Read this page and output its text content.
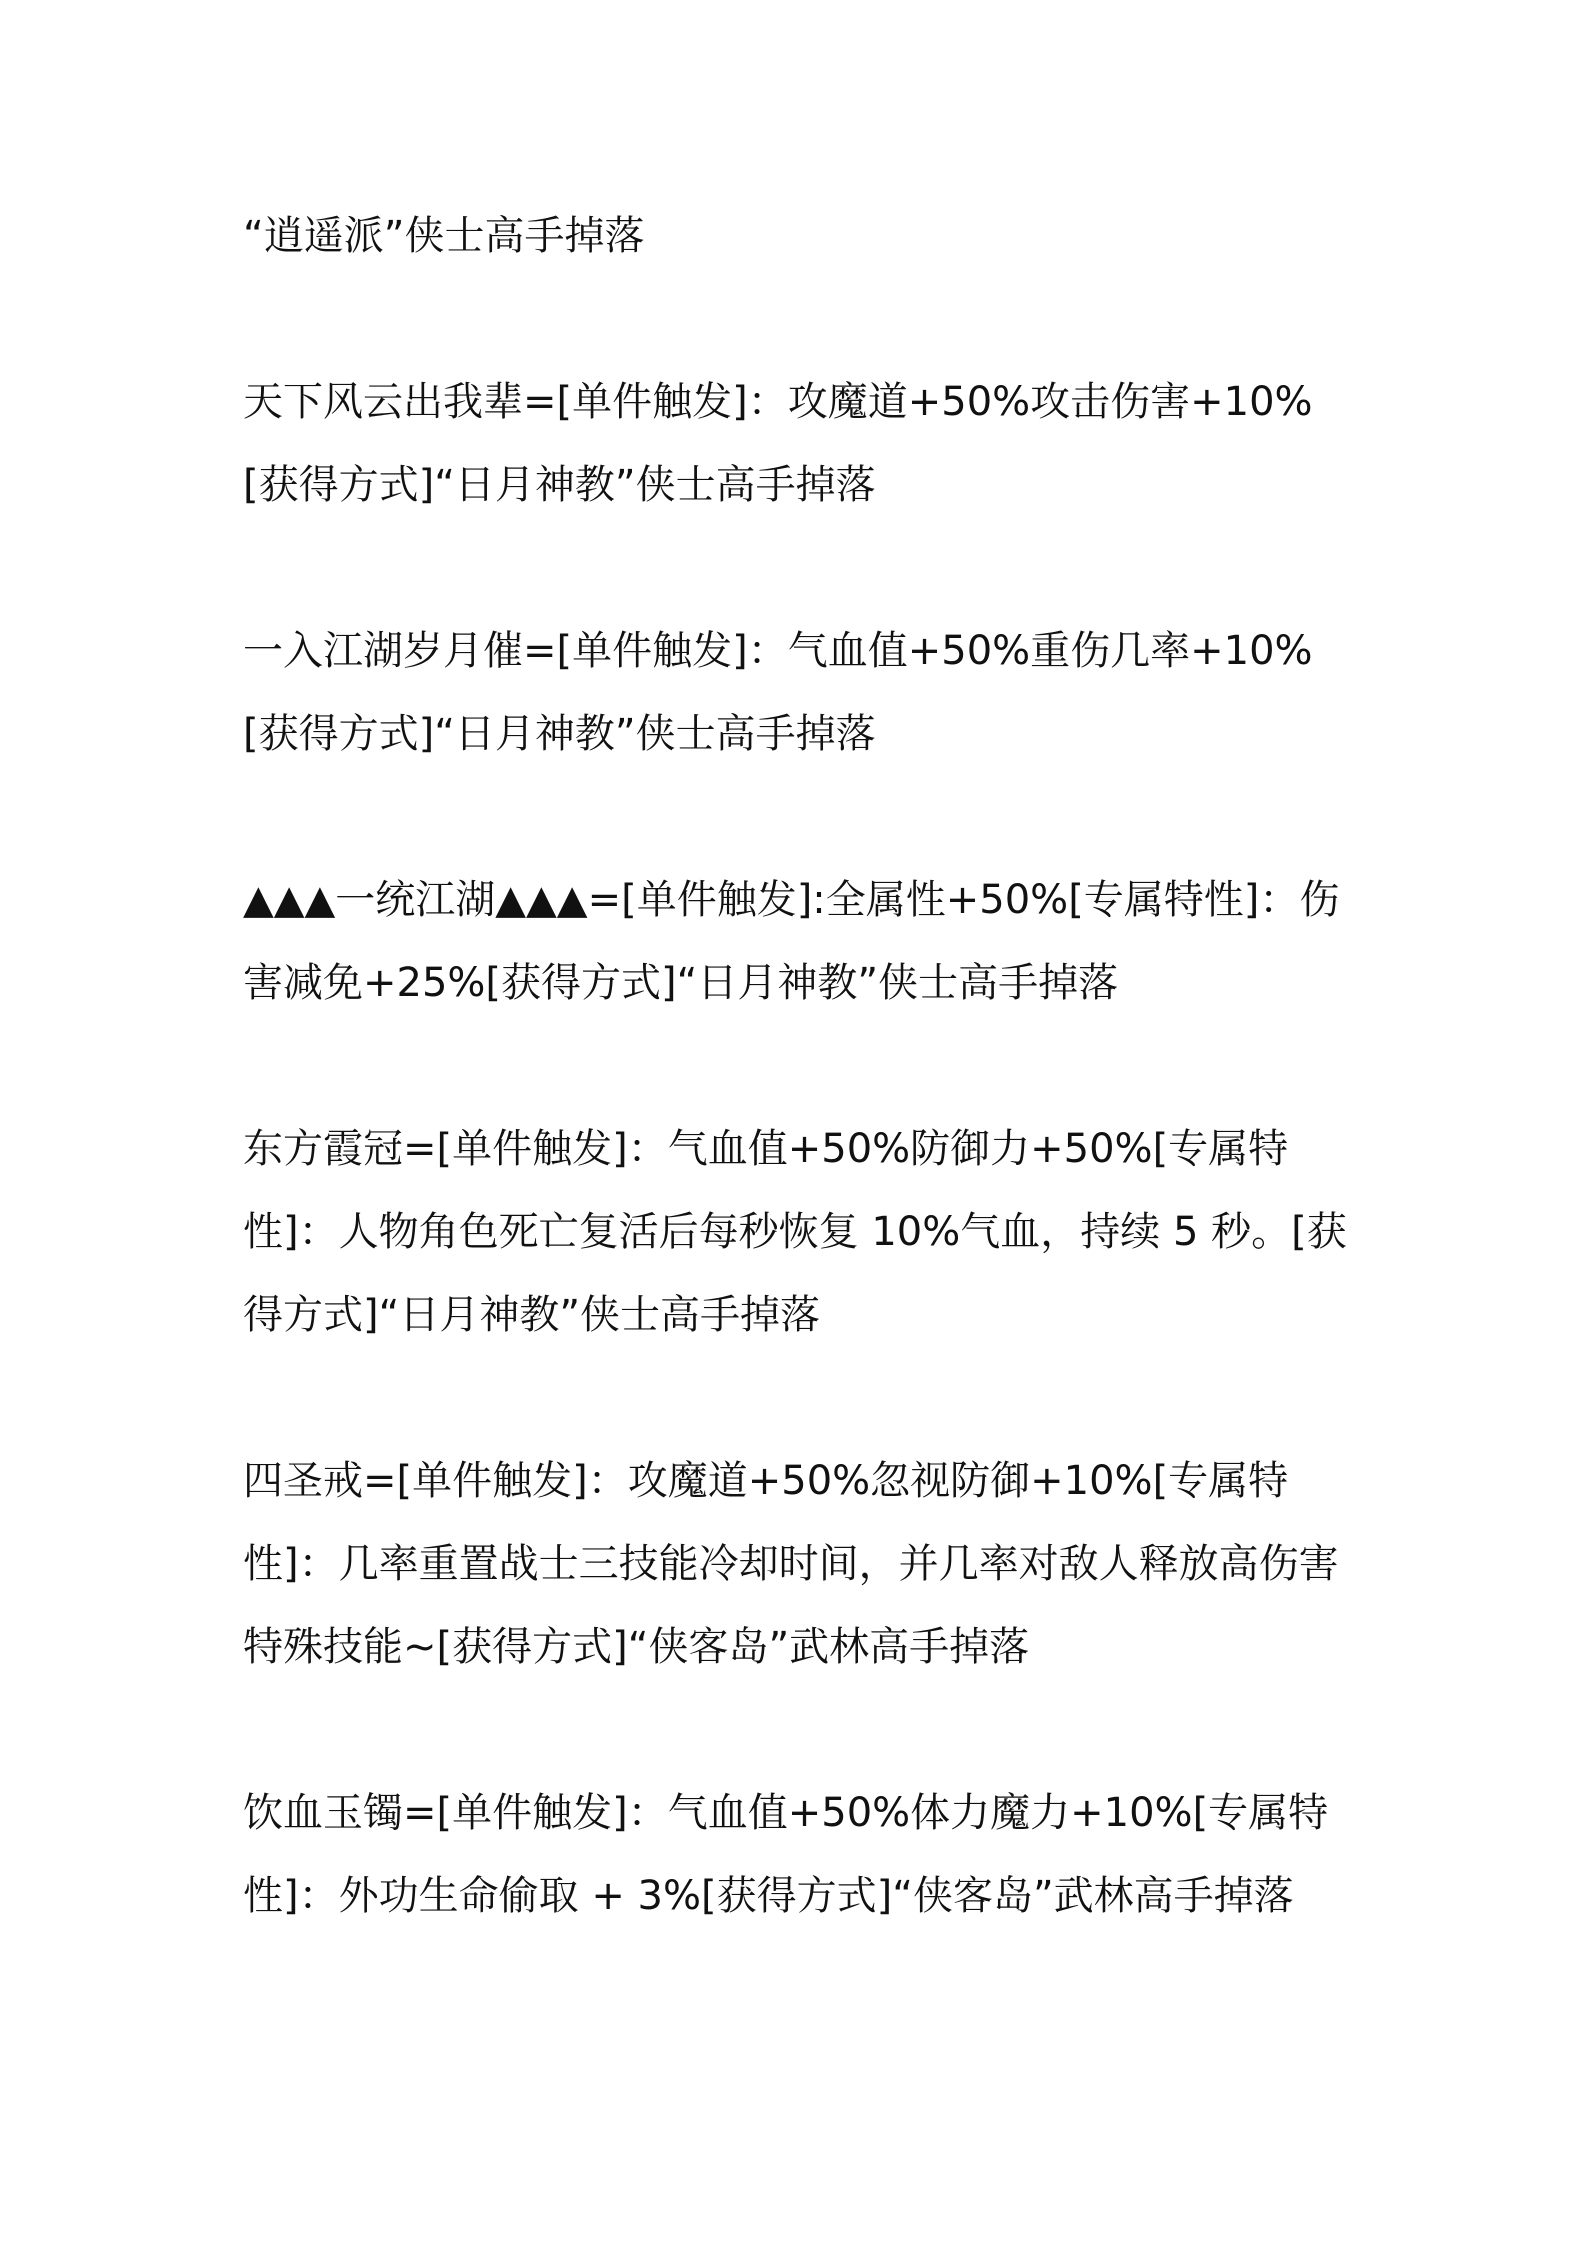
“逍遥派”侠士高手掉落

天下风云出我辈=[单件触发]：攻魔道+50%攻击伤害+10%[获得方式]“日月神教”侠士高手掉落

一入江湖岁月催=[单件触发]：气血值+50%重伤几率+10%[获得方式]“日月神教”侠士高手掉落

▲▲▲一统江湖▲▲▲=[单件触发]:全属性+50%[专属特性]：伤害减免+25%[获得方式]“日月神教”侠士高手掉落

东方霞冠=[单件触发]：气血值+50%防御力+50%[专属特性]：人物角色死亡复活后每秒恢复 10%气血，持续 5 秒。[获得方式]“日月神教”侠士高手掉落

四圣戒=[单件触发]：攻魔道+50%忽视防御+10%[专属特性]：几率重置战士三技能冷却时间，并几率对敌人释放高伤害特殊技能~[获得方式]“侠客岛”武林高手掉落

饮血玉镯=[单件触发]：气血值+50%体力魔力+10%[专属特性]：外功生命偷取 + 3%[获得方式]“侠客岛”武林高手掉落
